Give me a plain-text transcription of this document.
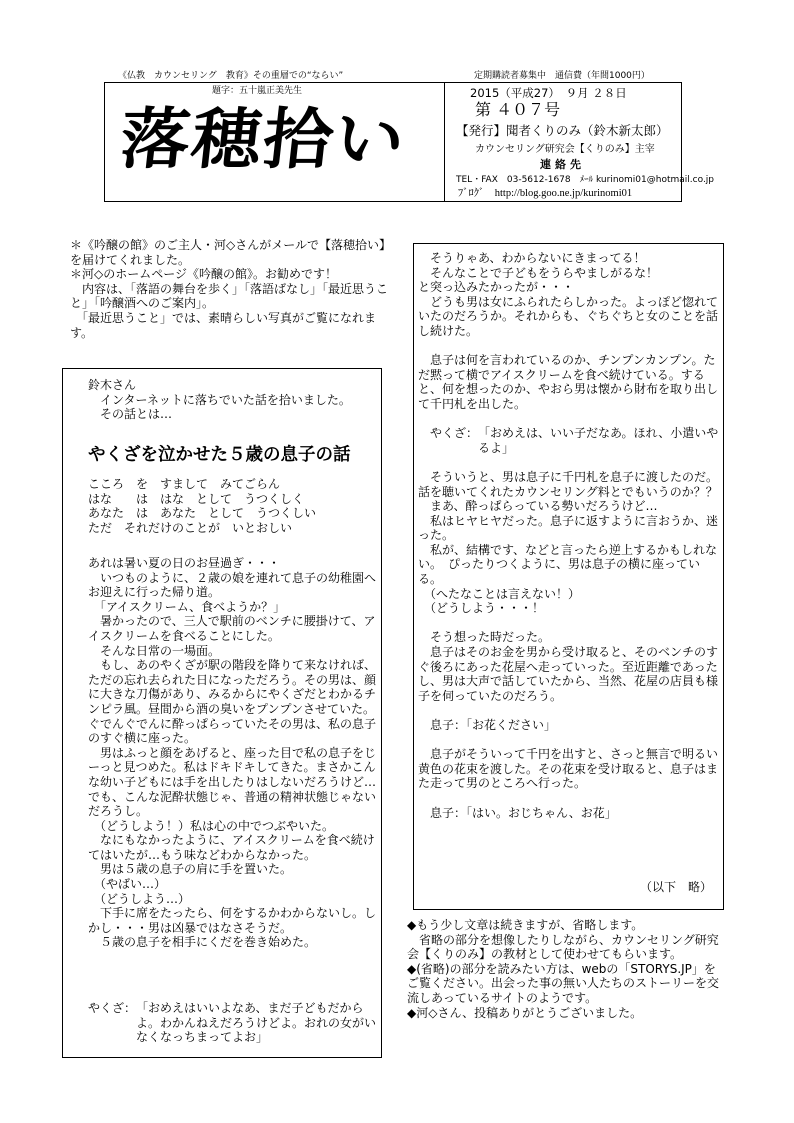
《仏教　カウンセリング　教育》その重層での“ならい”	定期購読者募集中　通信費（年間1000円）
題字：五十嵐正美先生
落穂拾い
2015（平成27）　９月 ２８日
第 ４０７号
【発行】聞者くりのみ（鈴木新太郎）
カウンセリング研究会【くりのみ】主宰
連絡先
TEL・FAX　03-5612-1678　ﾒｰﾙ kurinomi01@hotmail.co.jp
ﾌﾞﾛｸﾞ　http://blog.goo.ne.jp/kurinomi01

＊《吟醸の館》のご主人・河◇さんがメールで【落穂拾い】を届けてくれました。

＊河◇のホームページ《吟醸の館》。お勧めです！

　内容は、「落語の舞台を歩く」「落語ばなし」「最近思うこと」「吟醸酒へのご案内」。

　「最近思うこと」では、素晴らしい写真がご覧になれます。

鈴木さん

　インターネットに落ちでいた話を拾いました。

　その話とは…

やくざを泣かせた５歳の息子の話

こころ　を　すまして　みてごらん

はな　　は　はな　として　うつくしく

あなた　は　あなた　として　うつくしい

ただ　それだけのことが　いとおしい

あれは暑い夏の日のお昼過ぎ・・・

　いつものように、２歳の娘を連れて息子の幼稚園へお迎えに行った帰り道。

　「アイスクリーム、食べようか？」

　暑かったので、三人で駅前のベンチに腰掛けて、アイスクリームを食べることにした。

　そんな日常の一場面。

　もし、あのやくざが駅の階段を降りて来なければ、ただの忘れ去られた日になっただろう。その男は、顔に大きな刀傷があり、みるからにやくざだとわかるチンピラ風。昼間から酒の臭いをプンプンさせていた。ぐでんぐでんに酔っぱらっていたその男は、私の息子のすぐ横に座った。

　男はふっと顔をあげると、座った目で私の息子をじーっと見つめた。私はドキドキしてきた。まさかこんな幼い子どもには手を出したりはしないだろうけど…　でも、こんな泥酔状態じゃ、普通の精神状態じゃないだろうし。

　（どうしよう！）私は心の中でつぶやいた。

　なにもなかったように、アイスクリームを食べ続けてはいたが…もう味などわからなかった。

　男は５歳の息子の肩に手を置いた。

　（やばい…）

　（どうしよう…）

　下手に席をたったら、何をするかわからないし。しかし・・・男は凶暴ではなさそうだ。

　５歳の息子を相手にくだを巻き始めた。

やくざ： 「おめえはいいよなあ、まだ子どもだからよ。わかんねえだろうけどよ。おれの女がいなくなっちまってよお」

　そうりゃあ、わからないにきまってる！

　そんなことで子どもをうらやましがるな！

と突っ込みたかったが・・・

　どうも男は女にふられたらしかった。よっぽど惚れていたのだろうか。それからも、ぐちぐちと女のことを話し続けた。

　息子は何を言われているのか、チンプンカンプン。ただ黙って横でアイスクリームを食べ続けている。すると、何を想ったのか、やおら男は懐から財布を取り出して千円札を出した。

やくざ： 「おめえは、いい子だなあ。ほれ、小遣いやるよ」

　そういうと、男は息子に千円札を息子に渡したのだ。話を聴いてくれたカウンセリング料とでもいうのか？？

　まあ、酔っぱらっている勢いだろうけど…

　私はヒヤヒヤだった。息子に返すように言おうか、迷った。

　私が、結構です、などと言ったら逆上するかもしれない。　ぴったりつくように、男は息子の横に座っている。

　（へたなことは言えない！）

　（どうしよう・・・！

　そう想った時だった。

　息子はそのお金を男から受け取ると、そのベンチのすぐ後ろにあった花屋へ走っていった。至近距離であったし、男は大声で話していたから、当然、花屋の店員も様子を伺っていたのだろう。

　息子：「お花ください」

　息子がそういって千円を出すと、さっと無言で明るい黄色の花束を渡した。その花束を受け取ると、息子はまた走って男のところへ行った。

　息子：「はい。おじちゃん、お花」

（以下　略）

◆もう少し文章は続きますが、省略します。

　省略の部分を想像したりしながら、カウンセリング研究会【くりのみ】の教材として使わせてもらいます。

◆(省略)の部分を読みたい方は、webの「STORYS.JP」をご覧ください。出会った事の無い人たちのストーリーを交流しあっているサイトのようです。

◆河◇さん、投稿ありがとうございました。
